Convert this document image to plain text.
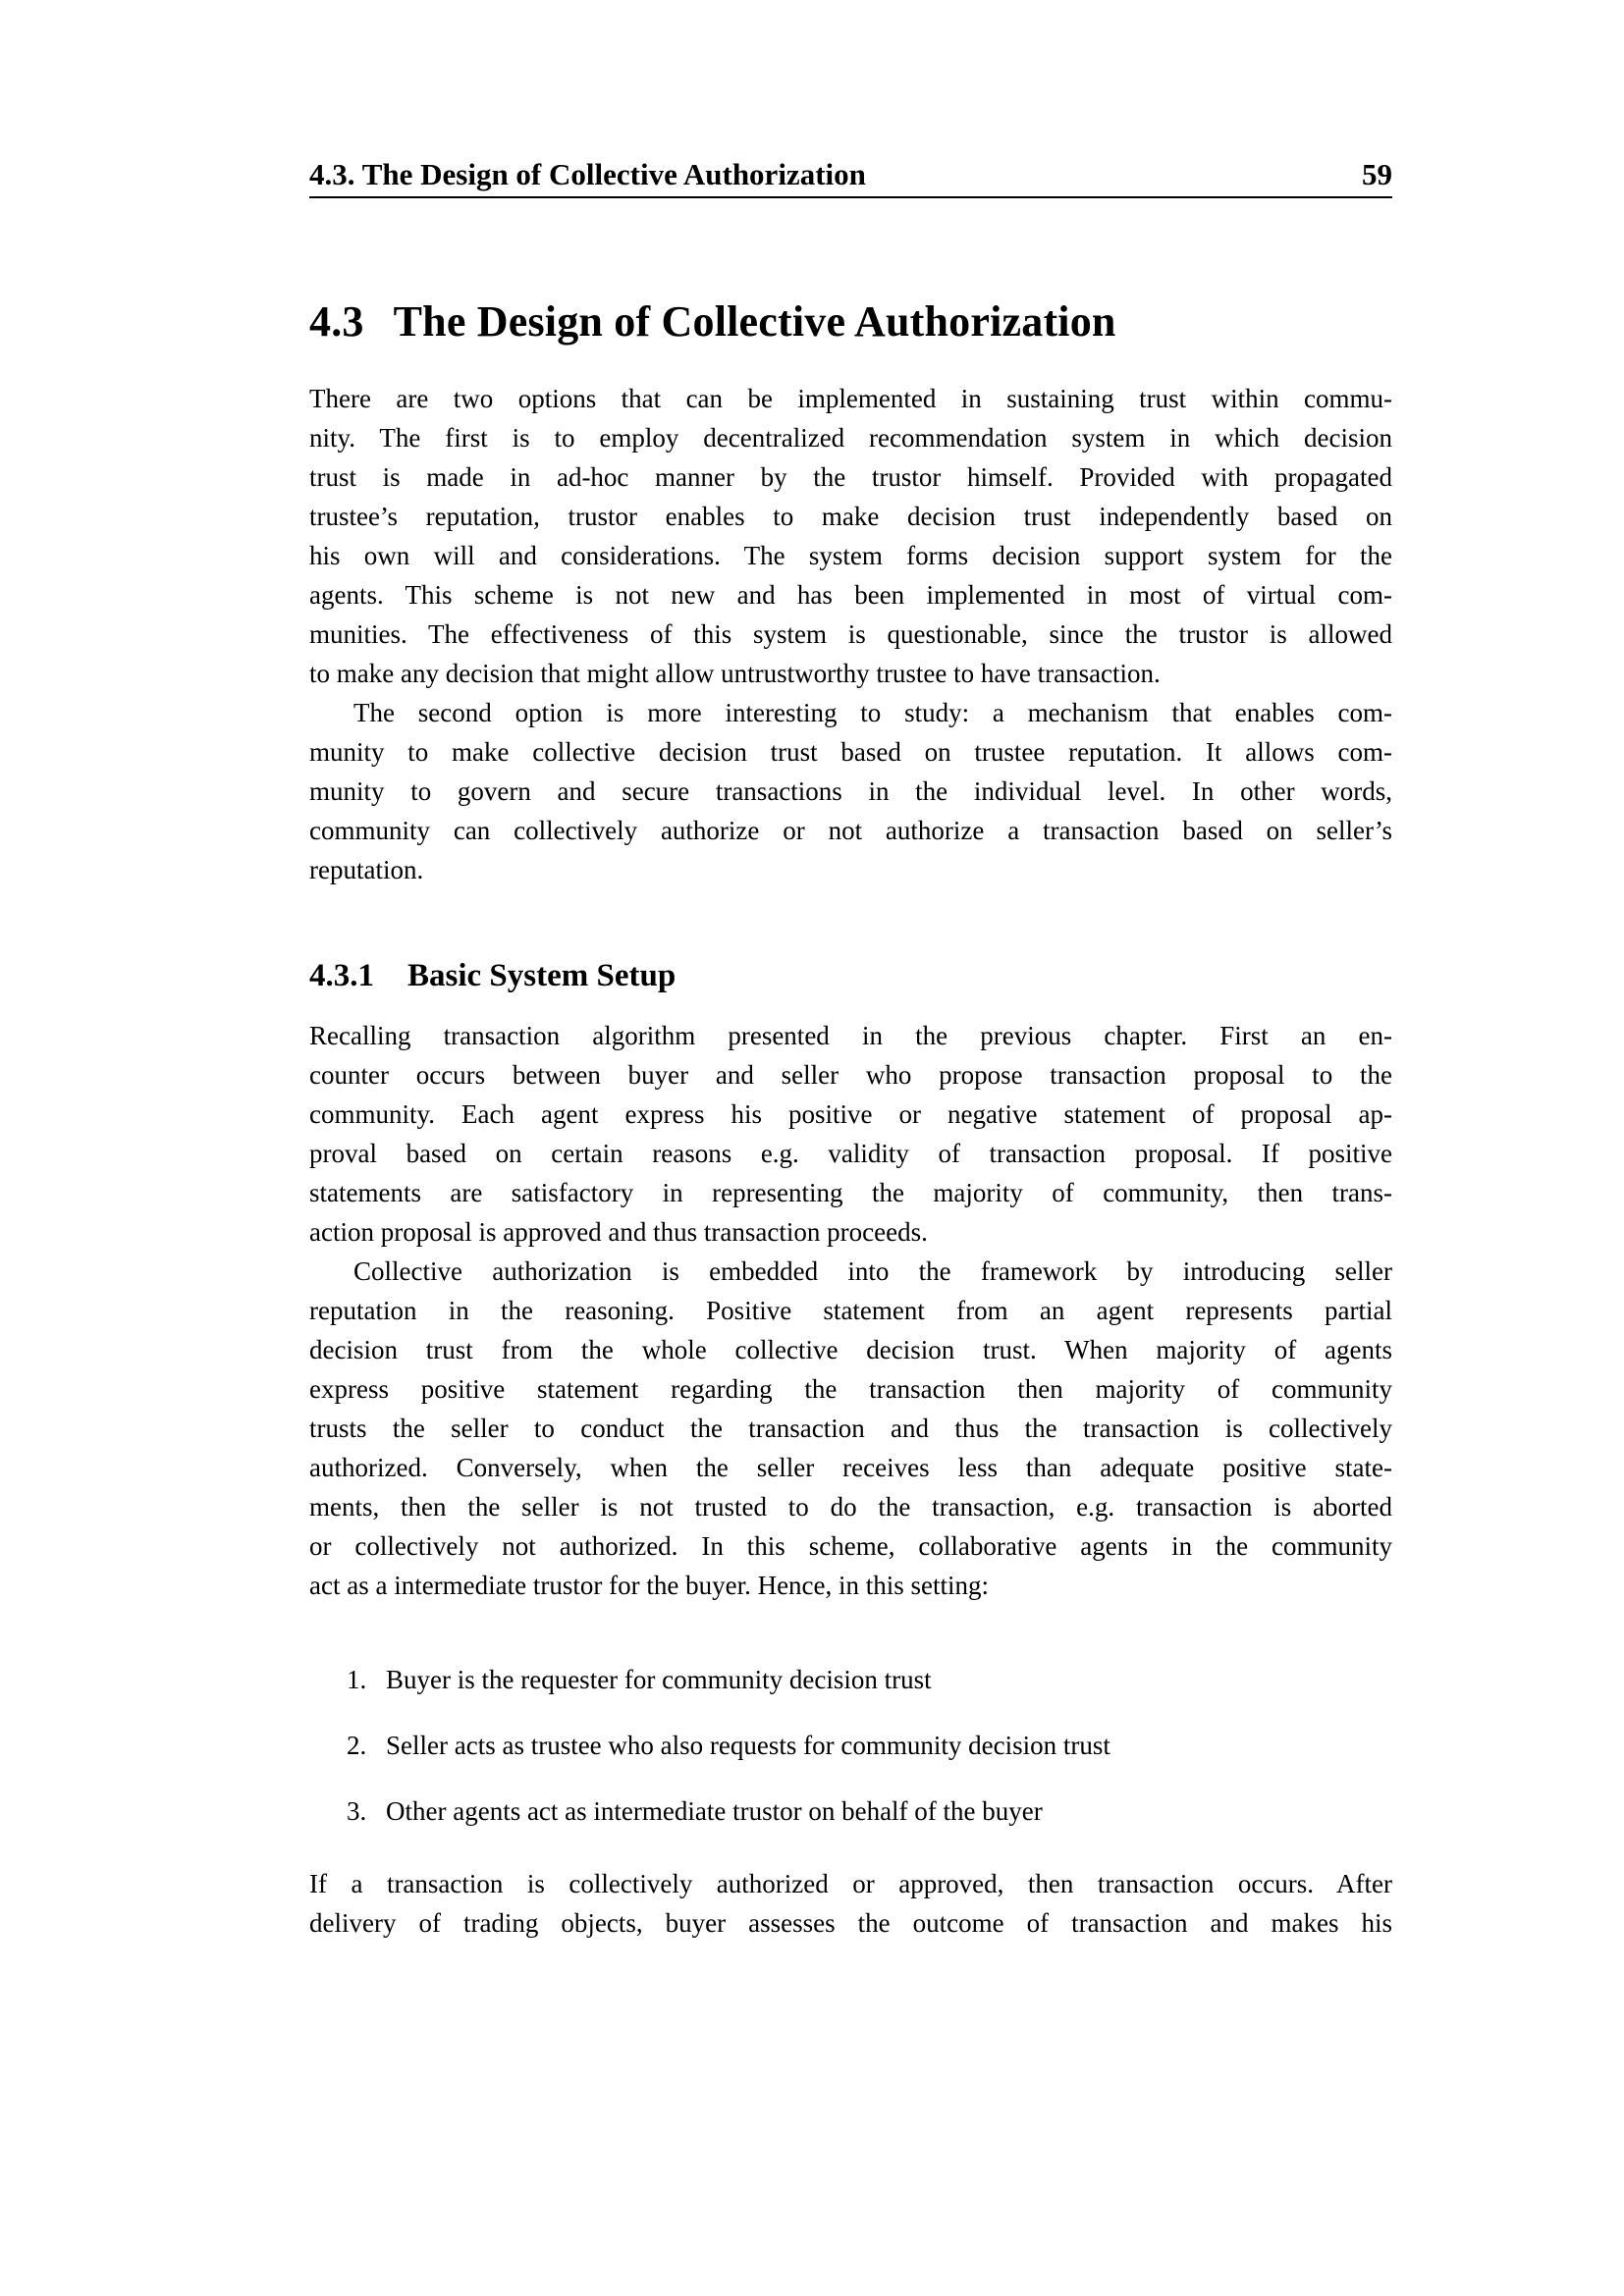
4.3. The Design of Collective Authorization	59
4.3 The Design of Collective Authorization

There are two options that can be implemented in sustaining trust within commu-
nity. The first is to employ decentralized recommendation system in which decision
trust is made in ad-hoc manner by the trustor himself. Provided with propagated
trustee’s reputation, trustor enables to make decision trust independently based on
his own will and considerations. The system forms decision support system for the
agents. This scheme is not new and has been implemented in most of virtual com-
munities. The effectiveness of this system is questionable, since the trustor is allowed
to make any decision that might allow untrustworthy trustee to have transaction.

The second option is more interesting to study: a mechanism that enables com-
munity to make collective decision trust based on trustee reputation. It allows com-
munity to govern and secure transactions in the individual level. In other words,
community can collectively authorize or not authorize a transaction based on seller’s
reputation.

4.3.1 Basic System Setup

Recalling transaction algorithm presented in the previous chapter. First an en-
counter occurs between buyer and seller who propose transaction proposal to the
community. Each agent express his positive or negative statement of proposal ap-
proval based on certain reasons e.g. validity of transaction proposal. If positive
statements are satisfactory in representing the majority of community, then trans-
action proposal is approved and thus transaction proceeds.

Collective authorization is embedded into the framework by introducing seller
reputation in the reasoning. Positive statement from an agent represents partial
decision trust from the whole collective decision trust. When majority of agents
express positive statement regarding the transaction then majority of community
trusts the seller to conduct the transaction and thus the transaction is collectively
authorized. Conversely, when the seller receives less than adequate positive state-
ments, then the seller is not trusted to do the transaction, e.g. transaction is aborted
or collectively not authorized. In this scheme, collaborative agents in the community
act as a intermediate trustor for the buyer. Hence, in this setting:

1. Buyer is the requester for community decision trust
2. Seller acts as trustee who also requests for community decision trust
3. Other agents act as intermediate trustor on behalf of the buyer

If a transaction is collectively authorized or approved, then transaction occurs. After
delivery of trading objects, buyer assesses the outcome of transaction and makes his
